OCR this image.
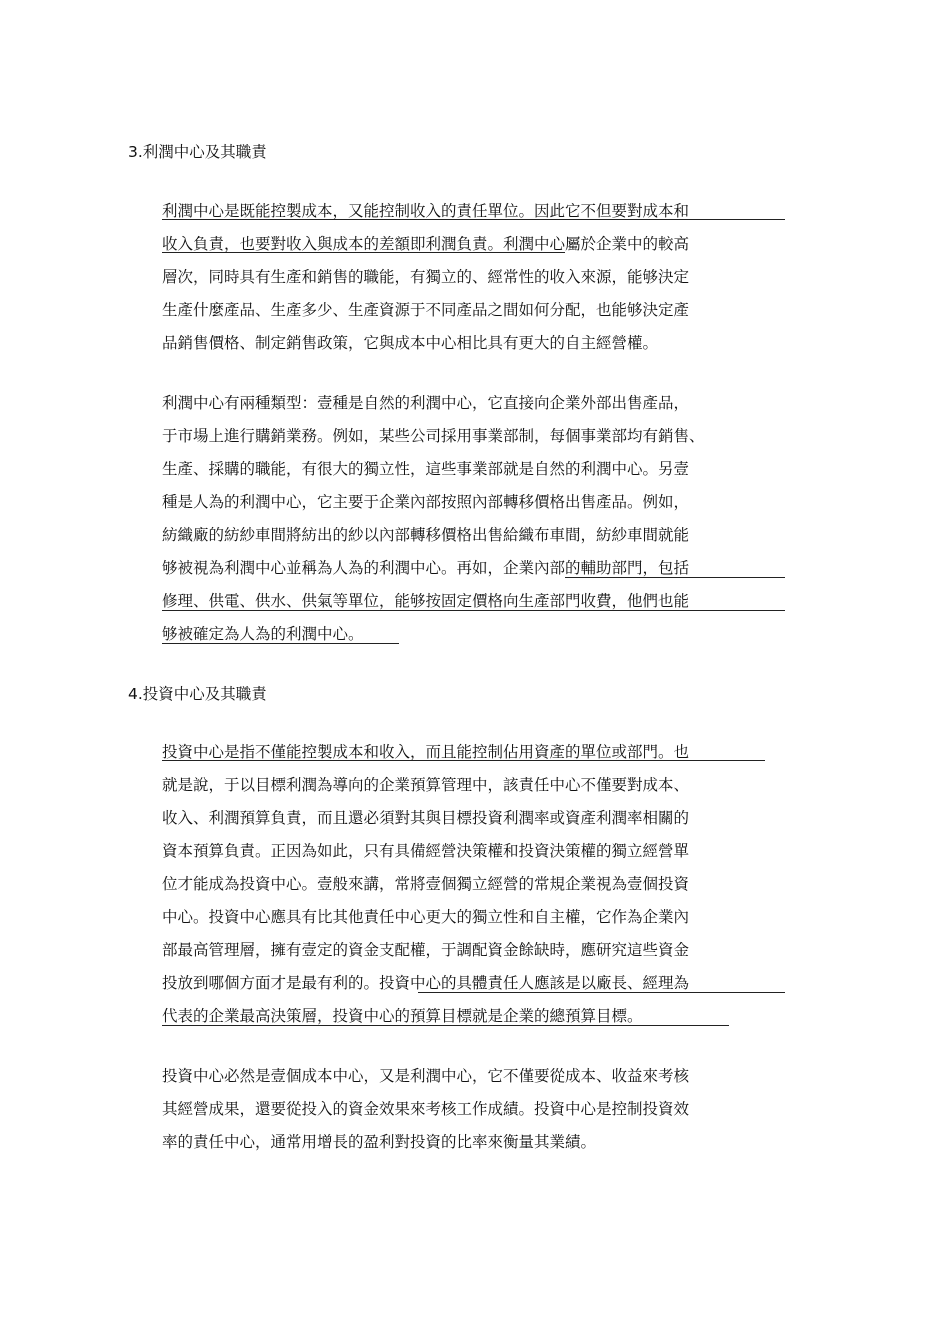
3.利潤中心及其職責
利潤中心是既能控製成本，又能控制收入的責任單位。因此它不但要對成本和
收入負責，也要對收入與成本的差額即利潤負責。利潤中心屬於企業中的較高
層次，同時具有生產和銷售的職能，有獨立的、經常性的收入來源，能够決定
生產什麼產品、生產多少、生產資源于不同產品之間如何分配，也能够決定產
品銷售價格、制定銷售政策，它與成本中心相比具有更大的自主經營權。
利潤中心有兩種類型：壹種是自然的利潤中心，它直接向企業外部出售產品，
于市場上進行購銷業務。例如，某些公司採用事業部制，每個事業部均有銷售、
生產、採購的職能，有很大的獨立性，這些事業部就是自然的利潤中心。另壹
種是人為的利潤中心，它主要于企業內部按照內部轉移價格出售產品。例如，
紡織廠的紡紗車間將紡出的紗以內部轉移價格出售給織布車間，紡紗車間就能
够被視為利潤中心並稱為人為的利潤中心。再如，企業內部的輔助部門，包括
修理、供電、供水、供氣等單位，能够按固定價格向生產部門收費，他們也能
够被確定為人為的利潤中心。
4.投資中心及其職責
投資中心是指不僅能控製成本和收入，而且能控制佔用資產的單位或部門。也
就是說，于以目標利潤為導向的企業預算管理中，該責任中心不僅要對成本、
收入、利潤預算負責，而且還必須對其與目標投資利潤率或資產利潤率相關的
資本預算負責。正因為如此，只有具備經營決策權和投資決策權的獨立經營單
位才能成為投資中心。壹般來講，常將壹個獨立經營的常規企業視為壹個投資
中心。投資中心應具有比其他責任中心更大的獨立性和自主權，它作為企業內
部最高管理層，擁有壹定的資金支配權，于調配資金餘缺時，應研究這些資金
投放到哪個方面才是最有利的。投資中心的具體責任人應該是以廠長、經理為
代表的企業最高決策層，投資中心的預算目標就是企業的總預算目標。
投資中心必然是壹個成本中心，又是利潤中心，它不僅要從成本、收益來考核
其經營成果，還要從投入的資金效果來考核工作成績。投資中心是控制投資效
率的責任中心，通常用增長的盈利對投資的比率來衡量其業績。
